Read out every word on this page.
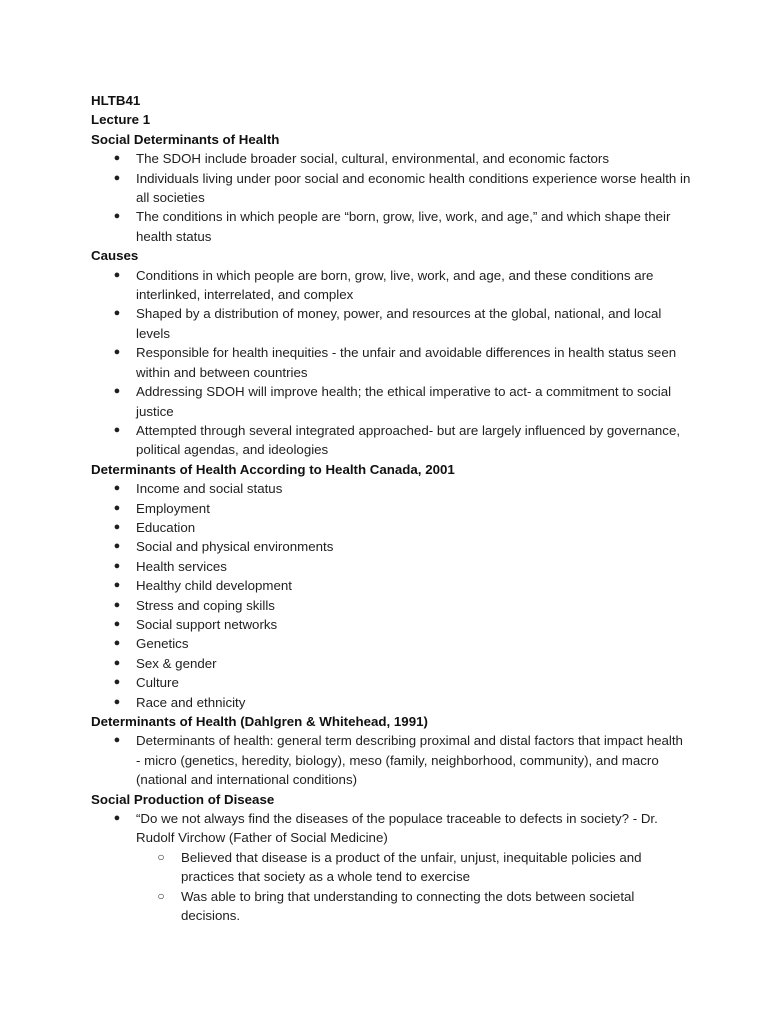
HLTB41
Lecture 1
Social Determinants of Health
● The SDOH include broader social, cultural, environmental, and economic factors
● Individuals living under poor social and economic health conditions experience worse health in all societies
● The conditions in which people are “born, grow, live, work, and age,” and which shape their health status
Causes
● Conditions in which people are born, grow, live, work, and age, and these conditions are interlinked, interrelated, and complex
● Shaped by a distribution of money, power, and resources at the global, national, and local levels
● Responsible for health inequities - the unfair and avoidable differences in health status seen within and between countries
● Addressing SDOH will improve health; the ethical imperative to act- a commitment to social justice
● Attempted through several integrated approached- but are largely influenced by governance, political agendas, and ideologies
Determinants of Health According to Health Canada, 2001
● Income and social status
● Employment
● Education
● Social and physical environments
● Health services
● Healthy child development
● Stress and coping skills
● Social support networks
● Genetics
● Sex & gender
● Culture
● Race and ethnicity
Determinants of Health (Dahlgren & Whitehead, 1991)
● Determinants of health: general term describing proximal and distal factors that impact health - micro (genetics, heredity, biology), meso (family, neighborhood, community), and macro (national and international conditions)
Social Production of Disease
● “Do we not always find the diseases of the populace traceable to defects in society? - Dr. Rudolf Virchow (Father of Social Medicine)
○ Believed that disease is a product of the unfair, unjust, inequitable policies and practices that society as a whole tend to exercise
○ Was able to bring that understanding to connecting the dots between societal decisions.
